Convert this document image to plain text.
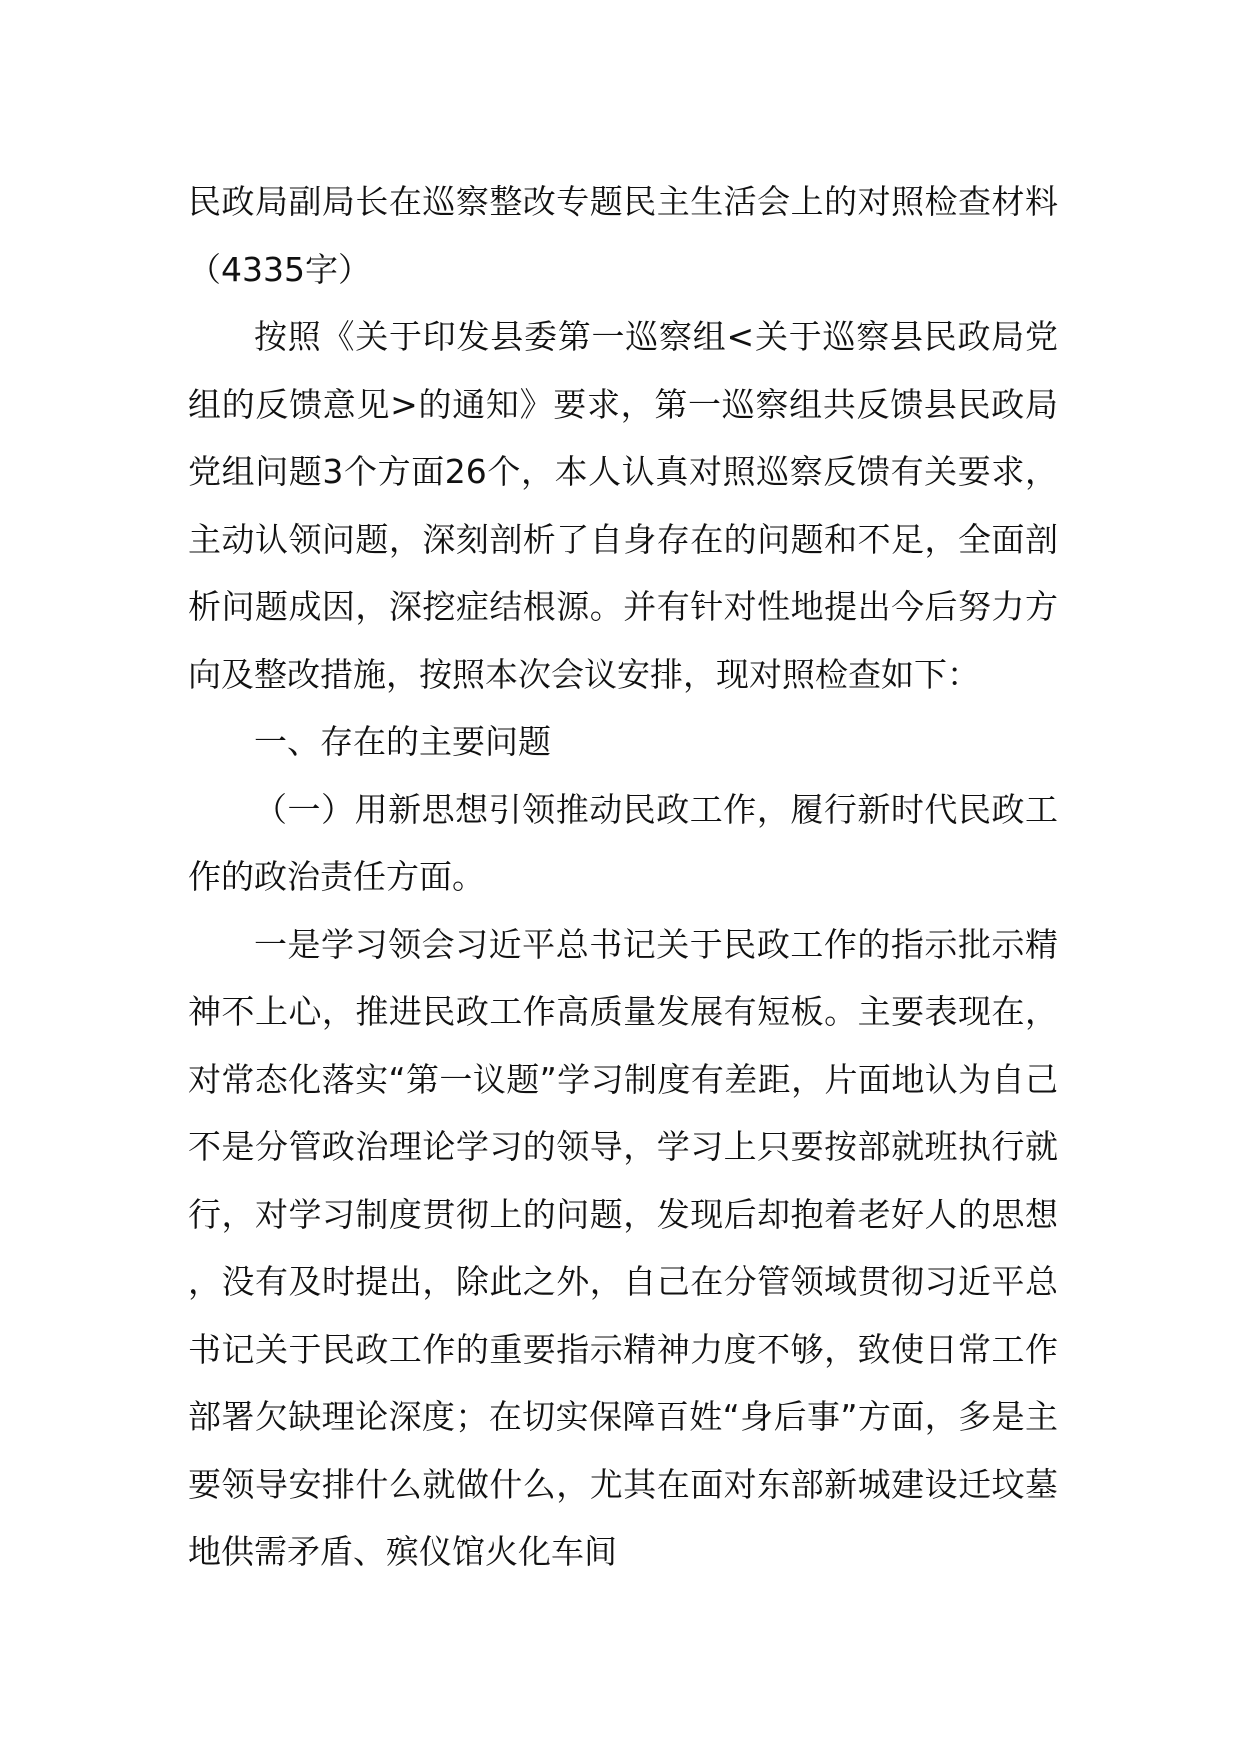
民政局副局长在巡察整改专题民主生活会上的对照检查材料（4335字）

按照《关于印发县委第一巡察组<关于巡察县民政局党组的反馈意见>的通知》要求，第一巡察组共反馈县民政局党组问题3个方面26个，本人认真对照巡察反馈有关要求，主动认领问题，深刻剖析了自身存在的问题和不足，全面剖析问题成因，深挖症结根源。并有针对性地提出今后努力方向及整改措施，按照本次会议安排，现对照检查如下：

一、存在的主要问题

（一）用新思想引领推动民政工作，履行新时代民政工作的政治责任方面。

一是学习领会习近平总书记关于民政工作的指示批示精神不上心，推进民政工作高质量发展有短板。主要表现在，对常态化落实“第一议题”学习制度有差距，片面地认为自己不是分管政治理论学习的领导，学习上只要按部就班执行就行，对学习制度贯彻上的问题，发现后却抱着老好人的思想，没有及时提出，除此之外，自己在分管领域贯彻习近平总书记关于民政工作的重要指示精神力度不够，致使日常工作部署欠缺理论深度；在切实保障百姓“身后事”方面，多是主要领导安排什么就做什么，尤其在面对东部新城建设迁坟墓地供需矛盾、殡仪馆火化车间
